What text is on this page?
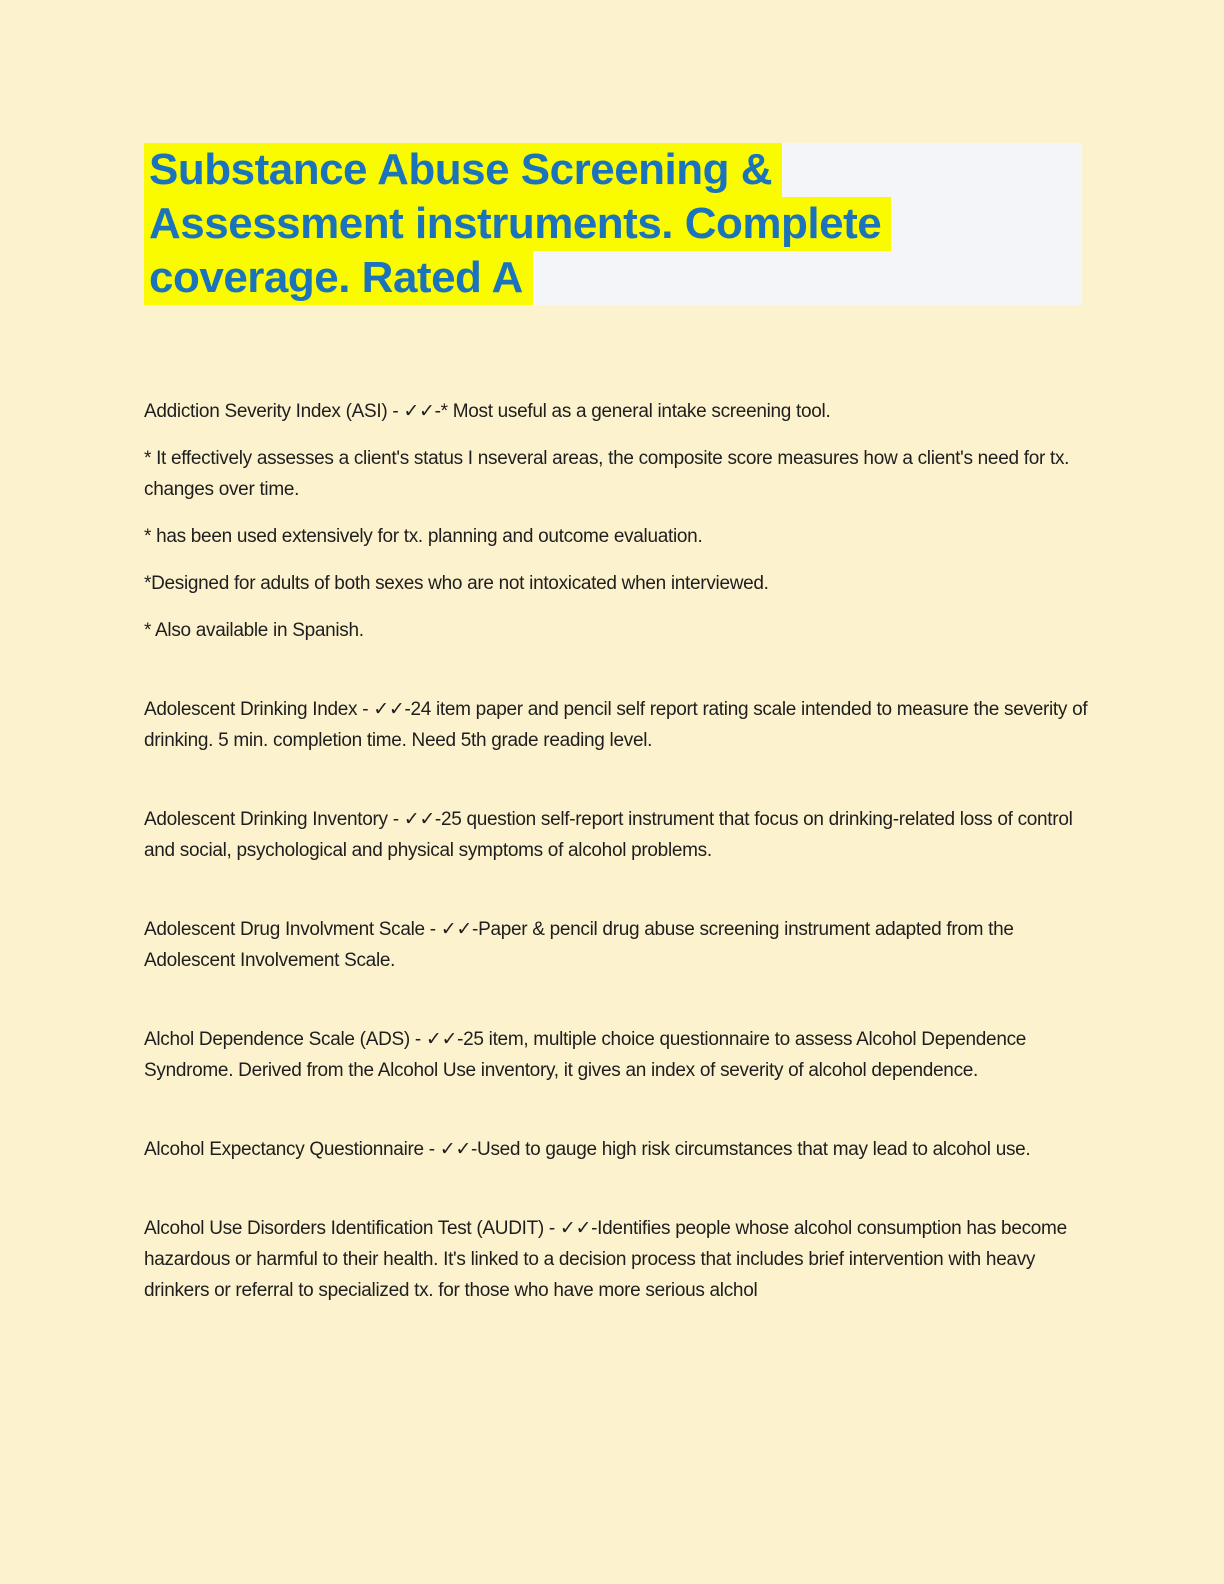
Substance Abuse Screening &
Assessment instruments. Complete
coverage. Rated A

Addiction Severity Index (ASI) - ✓✓-* Most useful as a general intake screening tool.

* It effectively assesses a client's status I nseveral areas, the composite score measures how a client's need for tx. changes over time.

* has been used extensively for tx. planning and outcome evaluation.

*Designed for adults of both sexes who are not intoxicated when interviewed.

* Also available in Spanish.

Adolescent Drinking Index - ✓✓-24 item paper and pencil self report rating scale intended to measure the severity of drinking. 5 min. completion time. Need 5th grade reading level.

Adolescent Drinking Inventory - ✓✓-25 question self-report instrument that focus on drinking-related loss of control and social, psychological and physical symptoms of alcohol problems.

Adolescent Drug Involvment Scale - ✓✓-Paper & pencil drug abuse screening instrument adapted from the Adolescent Involvement Scale.

Alchol Dependence Scale (ADS) - ✓✓-25 item, multiple choice questionnaire to assess Alcohol Dependence Syndrome. Derived from the Alcohol Use inventory, it gives an index of severity of alcohol dependence.

Alcohol Expectancy Questionnaire - ✓✓-Used to gauge high risk circumstances that may lead to alcohol use.

Alcohol Use Disorders Identification Test (AUDIT) - ✓✓-Identifies people whose alcohol consumption has become hazardous or harmful to their health. It's linked to a decision process that includes brief intervention with heavy drinkers or referral to specialized tx. for those who have more serious alchol
